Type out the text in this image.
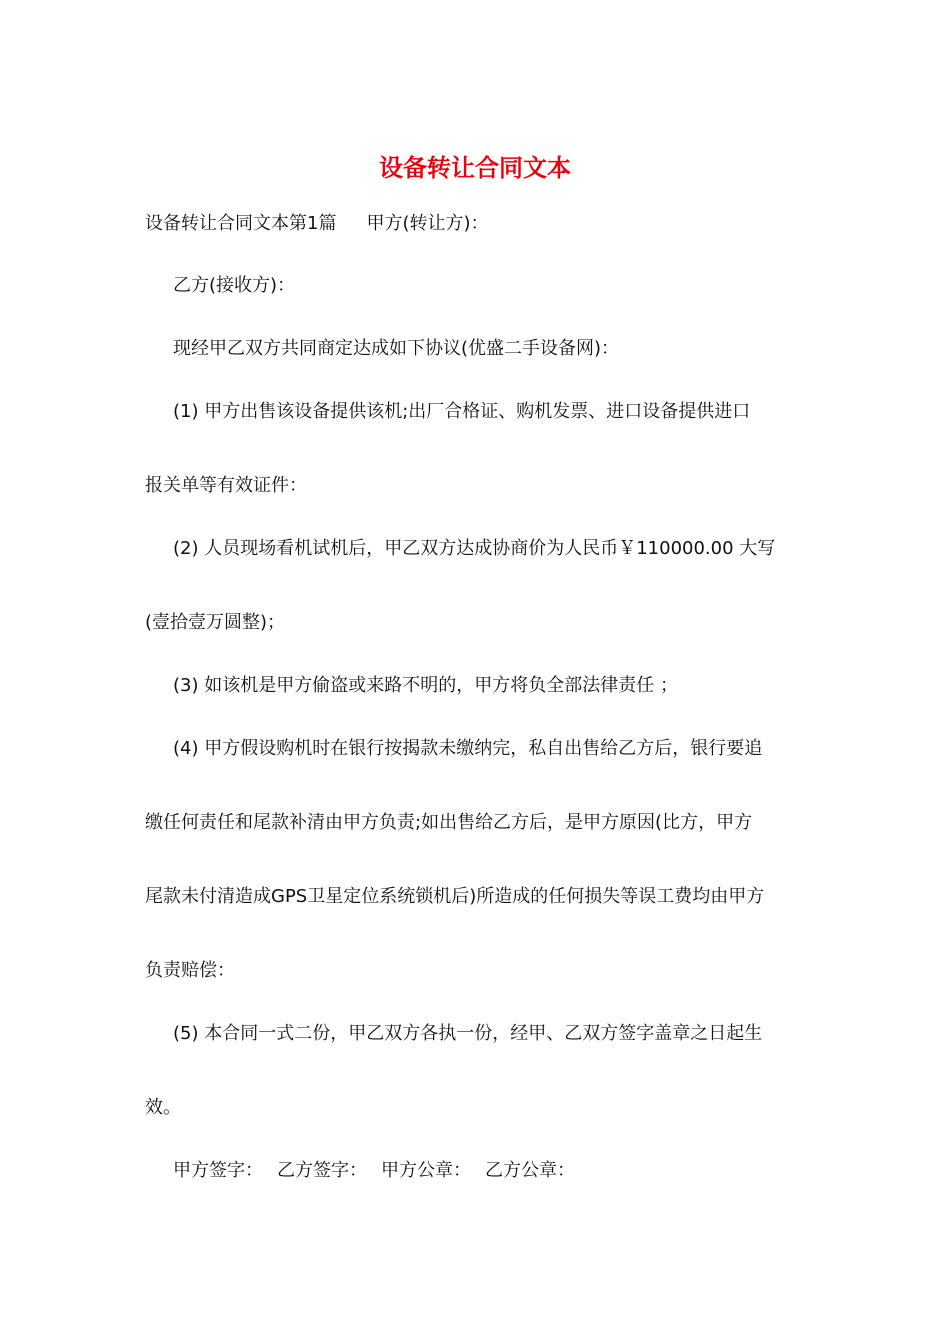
设备转让合同文本

设备转让合同文本第1篇 甲方(转让方)：

乙方(接收方)：

现经甲乙双方共同商定达成如下协议(优盛二手设备网)：

(1) 甲方出售该设备提供该机;出厂合格证、购机发票、进口设备提供进口

报关单等有效证件：

(2) 人员现场看机试机后，甲乙双方达成协商价为人民币￥110000.00 大写

(壹拾壹万圆整)；

(3) 如该机是甲方偷盗或来路不明的，甲方将负全部法律责任 ；

(4) 甲方假设购机时在银行按揭款未缴纳完，私自出售给乙方后，银行要追

缴任何责任和尾款补清由甲方负责;如出售给乙方后，是甲方原因(比方，甲方

尾款未付清造成GPS卫星定位系统锁机后)所造成的任何损失等误工费均由甲方

负责赔偿：

(5) 本合同一式二份，甲乙双方各执一份，经甲、乙双方签字盖章之日起生

效。

甲方签字： 乙方签字： 甲方公章： 乙方公章：
